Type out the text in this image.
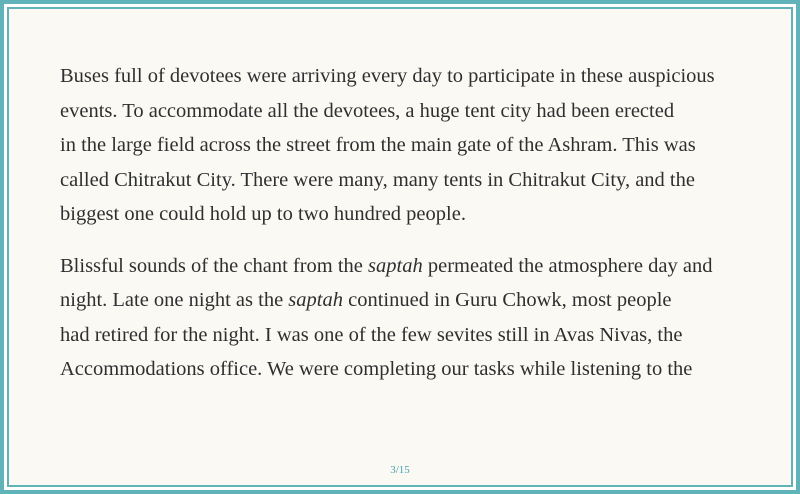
Buses full of devotees were arriving every day to participate in these auspicious
events. To accommodate all the devotees, a huge tent city had been erected
in the large field across the street from the main gate of the Ashram. This was
called Chitrakut City. There were many, many tents in Chitrakut City, and the
biggest one could hold up to two hundred people.

Blissful sounds of the chant from the saptah permeated the atmosphere day and
night. Late one night as the saptah continued in Guru Chowk, most people
had retired for the night. I was one of the few sevites still in Avas Nivas, the
Accommodations office. We were completing our tasks while listening to the

3/15
